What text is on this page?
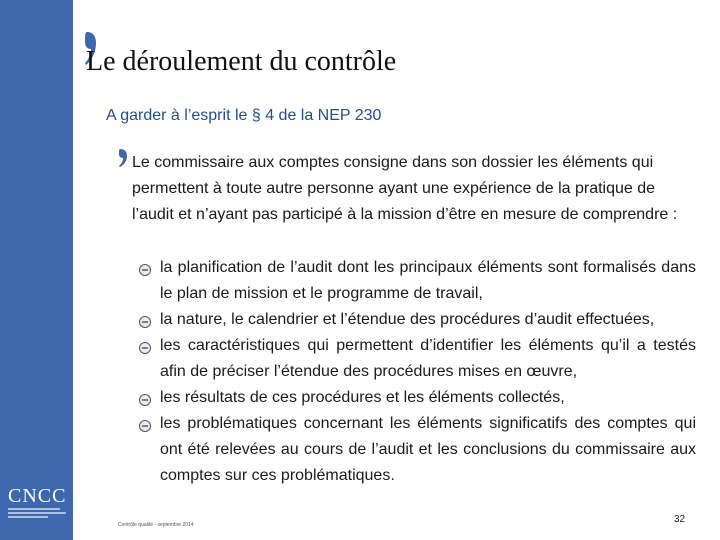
CNCC
Le déroulement du contrôle
A garder à l’esprit le § 4 de la NEP 230
Le commissaire aux comptes consigne dans son dossier les éléments qui permettent à toute autre personne ayant une expérience de la pratique de l’audit et n’ayant pas participé à la mission d’être en mesure de comprendre :
la planification de l’audit dont les principaux éléments sont formalisés dans le plan de mission et le programme de travail,
la nature, le calendrier et l’étendue des procédures d’audit effectuées,
les caractéristiques qui permettent d’identifier les éléments qu’il a testés afin de préciser l’étendue des procédures mises en œuvre,
les résultats de ces procédures et les éléments collectés,
les problématiques concernant les éléments significatifs des comptes qui ont été relevées au cours de l’audit et les conclusions du commissaire aux comptes sur ces problématiques.
Contrôle qualité - septembre 2014	32
